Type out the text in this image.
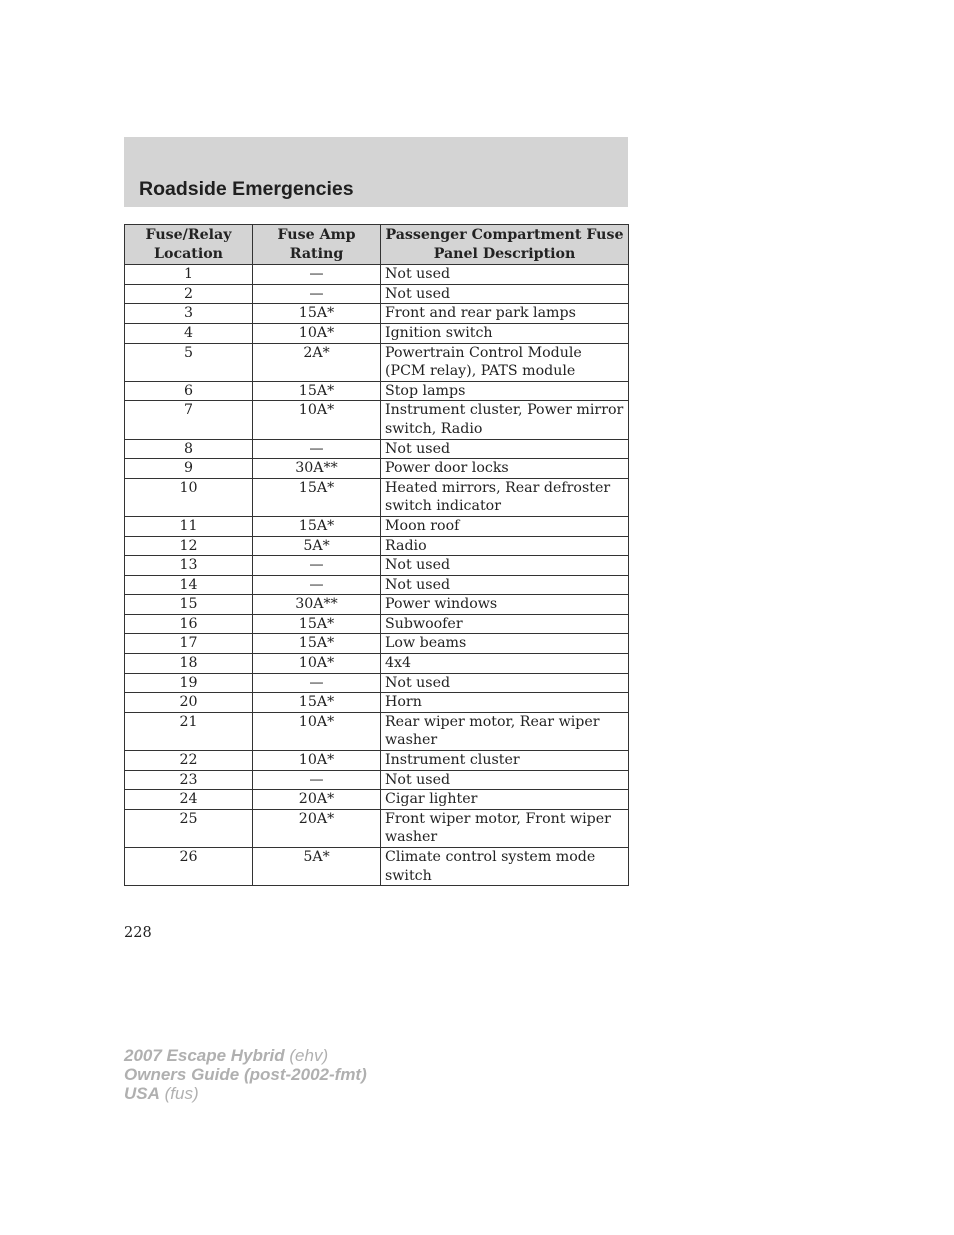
Roadside Emergencies
Fuse/Relay Location	Fuse Amp Rating	Passenger Compartment Fuse Panel Description
1	—	Not used
2	—	Not used
3	15A*	Front and rear park lamps
4	10A*	Ignition switch
5	2A*	Powertrain Control Module (PCM relay), PATS module
6	15A*	Stop lamps
7	10A*	Instrument cluster, Power mirror switch, Radio
8	—	Not used
9	30A**	Power door locks
10	15A*	Heated mirrors, Rear defroster switch indicator
11	15A*	Moon roof
12	5A*	Radio
13	—	Not used
14	—	Not used
15	30A**	Power windows
16	15A*	Subwoofer
17	15A*	Low beams
18	10A*	4x4
19	—	Not used
20	15A*	Horn
21	10A*	Rear wiper motor, Rear wiper washer
22	10A*	Instrument cluster
23	—	Not used
24	20A*	Cigar lighter
25	20A*	Front wiper motor, Front wiper washer
26	5A*	Climate control system mode switch
228
2007 Escape Hybrid (ehv)
Owners Guide (post-2002-fmt)
USA (fus)
